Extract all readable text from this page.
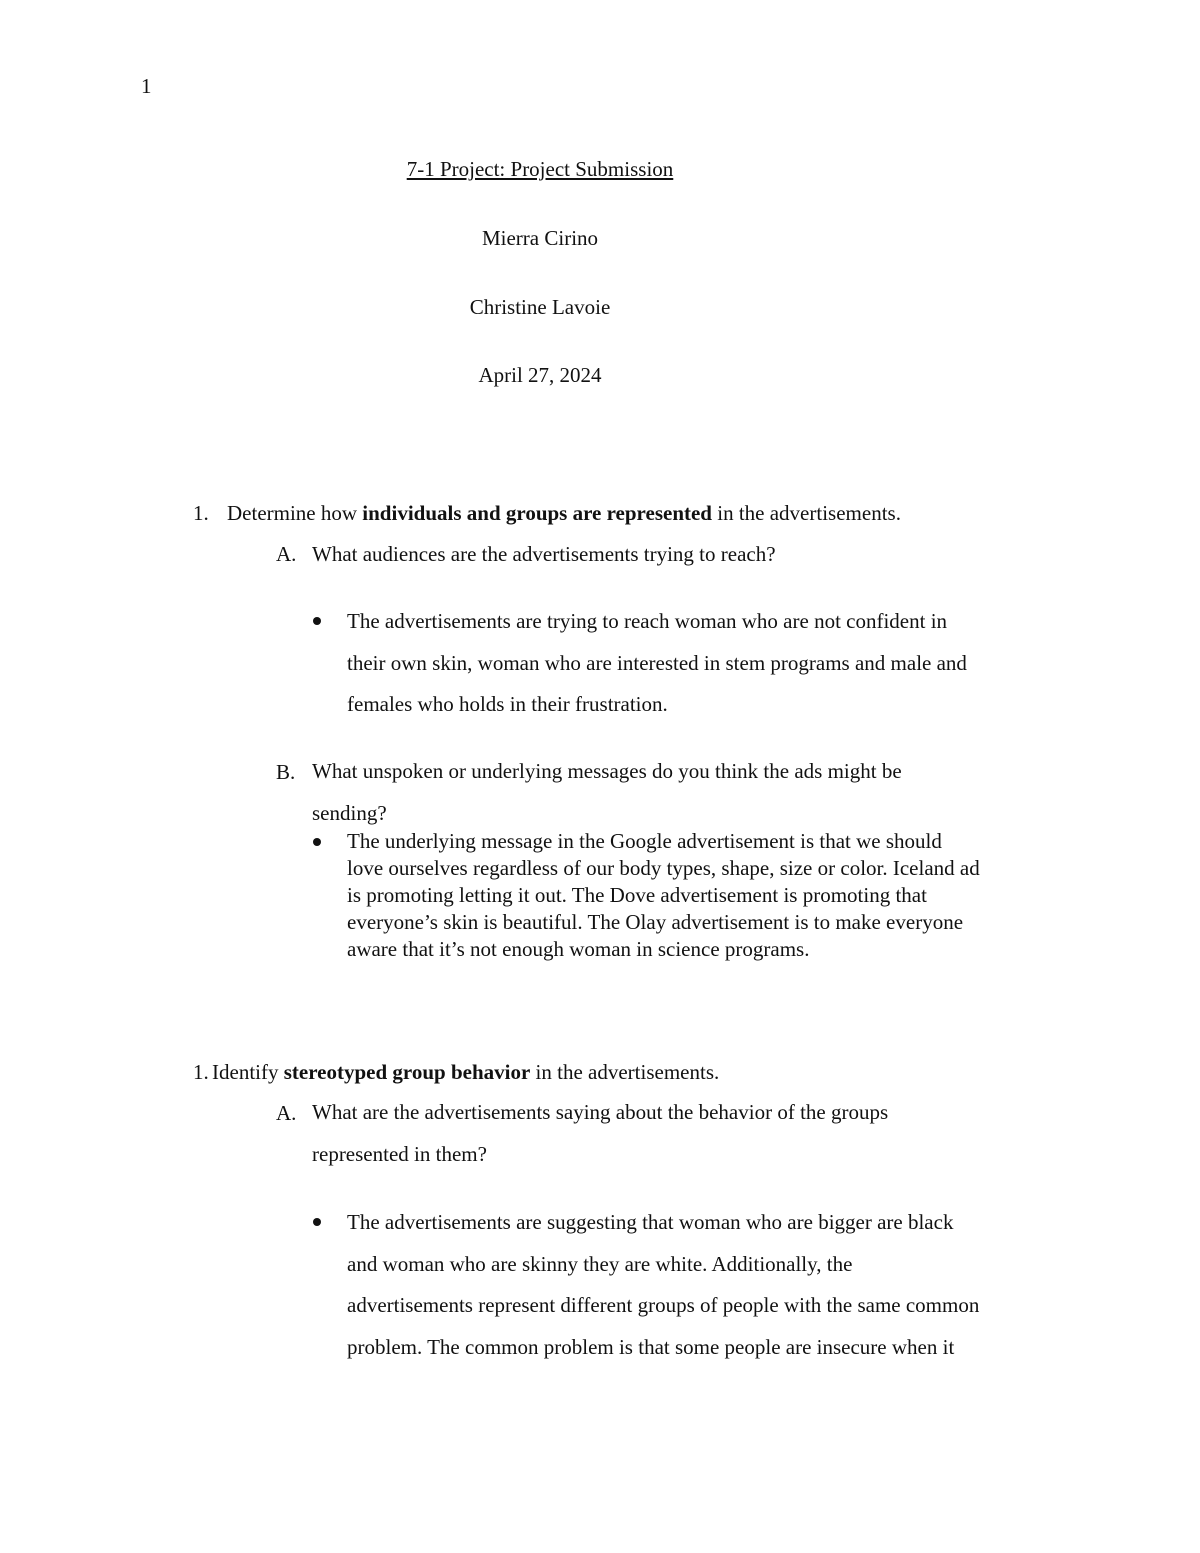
1
7-1 Project: Project Submission
Mierra Cirino
Christine Lavoie
April 27, 2024
1. Determine how individuals and groups are represented in the advertisements.
A. What audiences are the advertisements trying to reach?

The advertisements are trying to reach woman who are not confident in

their own skin, woman who are interested in stem programs and male and

females who holds in their frustration.

B. What unspoken or underlying messages do you think the ads might be

sending?

The underlying message in the Google advertisement is that we should

love ourselves regardless of our body types, shape, size or color. Iceland ad

is promoting letting it out. The Dove advertisement is promoting that

everyone’s skin is beautiful. The Olay advertisement is to make everyone

aware that it’s not enough woman in science programs.

1. Identify stereotyped group behavior in the advertisements.
A. What are the advertisements saying about the behavior of the groups

represented in them?

The advertisements are suggesting that woman who are bigger are black

and woman who are skinny they are white. Additionally, the

advertisements represent different groups of people with the same common

problem. The common problem is that some people are insecure when it
